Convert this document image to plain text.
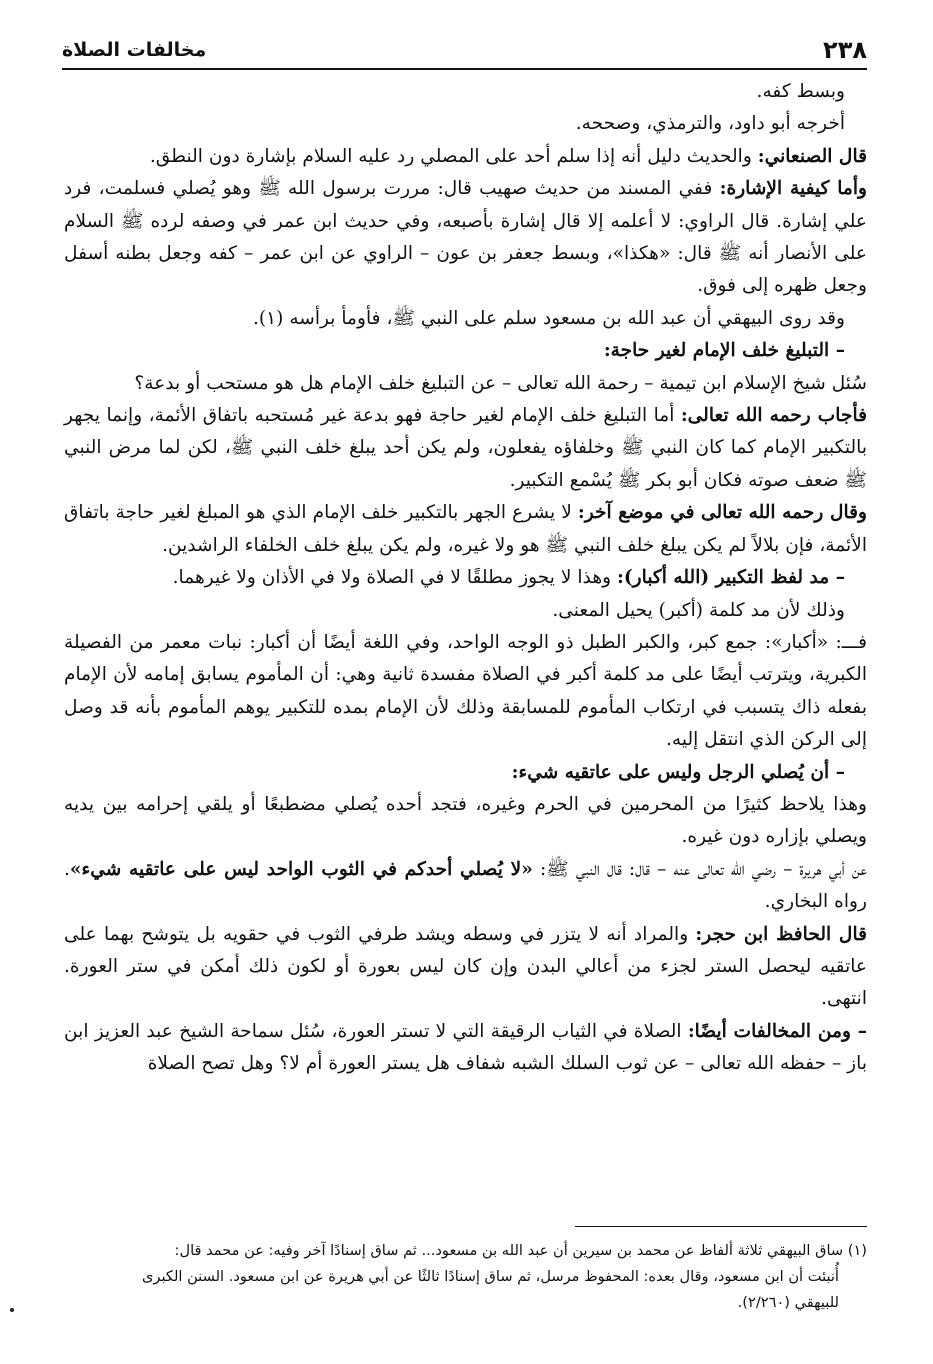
٢٣٨
مخالفات الصلاة

وبسط كفه.

أخرجه أبو داود، والترمذي، وصححه.

قال الصنعاني: والحديث دليل أنه إذا سلم أحد على المصلي رد عليه السلام بإشارة دون النطق.

وأما كيفية الإشارة: ففي المسند من حديث صهيب قال: مررت برسول الله ﷺ وهو يُصلي فسلمت، فرد علي إشارة. قال الراوي: لا أعلمه إلا قال إشارة بأصبعه، وفي حديث ابن عمر في وصفه لرده ﷺ السلام على الأنصار أنه ﷺ قال: «هكذا»، وبسط جعفر بن عون – الراوي عن ابن عمر – كفه وجعل بطنه أسفل وجعل ظهره إلى فوق.

وقد روى البيهقي أن عبد الله بن مسعود سلم على النبي ﷺ، فأومأ برأسه (١).

– التبليغ خلف الإمام لغير حاجة:

سُئل شيخ الإسلام ابن تيمية – رحمة الله تعالى – عن التبليغ خلف الإمام هل هو مستحب أو بدعة؟

فأجاب رحمه الله تعالى: أما التبليغ خلف الإمام لغير حاجة فهو بدعة غير مُستحبه باتفاق الأئمة، وإنما يجهر بالتكبير الإمام كما كان النبي ﷺ وخلفاؤه يفعلون، ولم يكن أحد يبلغ خلف النبي ﷺ، لكن لما مرض النبي ﷺ ضعف صوته فكان أبو بكر ﷺ يُسْمع التكبير.

وقال رحمه الله تعالى في موضع آخر: لا يشرع الجهر بالتكبير خلف الإمام الذي هو المبلغ لغير حاجة باتفاق الأئمة، فإن بلالاً لم يكن يبلغ خلف النبي ﷺ هو ولا غيره، ولم يكن يبلغ خلف الخلفاء الراشدين.

– مد لفظ التكبير (الله أكبار): وهذا لا يجوز مطلقًا لا في الصلاة ولا في الأذان ولا غيرهما.

وذلك لأن مد كلمة (أكبر) يحيل المعنى.

فـــ: «أكبار»: جمع كبر، والكبر الطبل ذو الوجه الواحد، وفي اللغة أيضًا أن أكبار: نبات معمر من الفصيلة الكبرية، ويترتب أيضًا على مد كلمة أكبر في الصلاة مفسدة ثانية وهي: أن المأموم يسابق إمامه لأن الإمام بفعله ذاك يتسبب في ارتكاب المأموم للمسابقة وذلك لأن الإمام بمده للتكبير يوهم المأموم بأنه قد وصل إلى الركن الذي انتقل إليه.

– أن يُصلي الرجل وليس على عاتقيه شيء:

وهذا يلاحظ كثيرًا من المحرمين في الحرم وغيره، فتجد أحده يُصلي مضطبعًا أو يلقي إحرامه بين يديه ويصلي بإزاره دون غيره.

عن أبي هريرة – رضي الله تعالى عنه – قال: قال النبي ﷺ: «لا يُصلي أحدكم في الثوب الواحد ليس على عاتقيه شيء». رواه البخاري.

قال الحافظ ابن حجر: والمراد أنه لا يتزر في وسطه ويشد طرفي الثوب في حقويه بل يتوشح بهما على عاتقيه ليحصل الستر لجزء من أعالي البدن وإن كان ليس بعورة أو لكون ذلك أمكن في ستر العورة. انتهى.

– ومن المخالفات أيضًا: الصلاة في الثياب الرقيقة التي لا تستر العورة، سُئل سماحة الشيخ عبد العزيز ابن باز – حفظه الله تعالى – عن ثوب السلك الشبه شفاف هل يستر العورة أم لا؟ وهل تصح الصلاة

(١) ساق البيهقي ثلاثة ألفاظ عن محمد بن سيرين أن عبد الله بن مسعود... ثم ساق إسنادًا آخر وفيه: عن محمد قال:

أُنبئت أن ابن مسعود، وقال بعده: المحفوظ مرسل، ثم ساق إسنادًا ثالثًا عن أبي هريرة عن ابن مسعود. السنن الكبرى

للبيهقي (٢/٢٦٠).
